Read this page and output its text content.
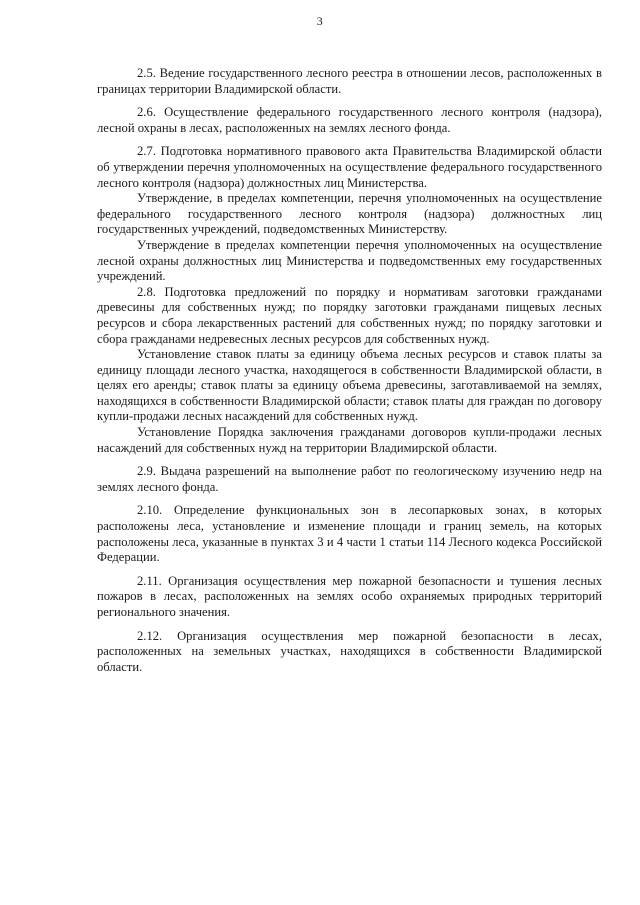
3

2.5. Ведение государственного лесного реестра в отношении лесов, расположенных в границах территории Владимирской области.

2.6. Осуществление федерального государственного лесного контроля (надзора), лесной охраны в лесах, расположенных на землях лесного фонда.

2.7. Подготовка нормативного правового акта Правительства Владимирской области об утверждении перечня уполномоченных на осуществление федерального государственного лесного контроля (надзора) должностных лиц Министерства.

Утверждение, в пределах компетенции, перечня уполномоченных на осуществление федерального государственного лесного контроля (надзора) должностных лиц государственных учреждений, подведомственных Министерству.

Утверждение в пределах компетенции перечня уполномоченных на осуществление лесной охраны должностных лиц Министерства и подведомственных ему государственных учреждений.

2.8. Подготовка предложений по порядку и нормативам заготовки гражданами древесины для собственных нужд; по порядку заготовки гражданами пищевых лесных ресурсов и сбора лекарственных растений для собственных нужд; по порядку заготовки и сбора гражданами недревесных лесных ресурсов для собственных нужд.

Установление ставок платы за единицу объема лесных ресурсов и ставок платы за единицу площади лесного участка, находящегося в собственности Владимирской области, в целях его аренды; ставок платы за единицу объема древесины, заготавливаемой на землях, находящихся в собственности Владимирской области; ставок платы для граждан по договору купли-продажи лесных насаждений для собственных нужд.

Установление Порядка заключения гражданами договоров купли-продажи лесных насаждений для собственных нужд на территории Владимирской области.

2.9. Выдача разрешений на выполнение работ по геологическому изучению недр на землях лесного фонда.

2.10. Определение функциональных зон в лесопарковых зонах, в которых расположены леса, установление и изменение площади и границ земель, на которых расположены леса, указанные в пунктах 3 и 4 части 1 статьи 114 Лесного кодекса Российской Федерации.

2.11. Организация осуществления мер пожарной безопасности и тушения лесных пожаров в лесах, расположенных на землях особо охраняемых природных территорий регионального значения.

2.12. Организация осуществления мер пожарной безопасности в лесах, расположенных на земельных участках, находящихся в собственности Владимирской области.
